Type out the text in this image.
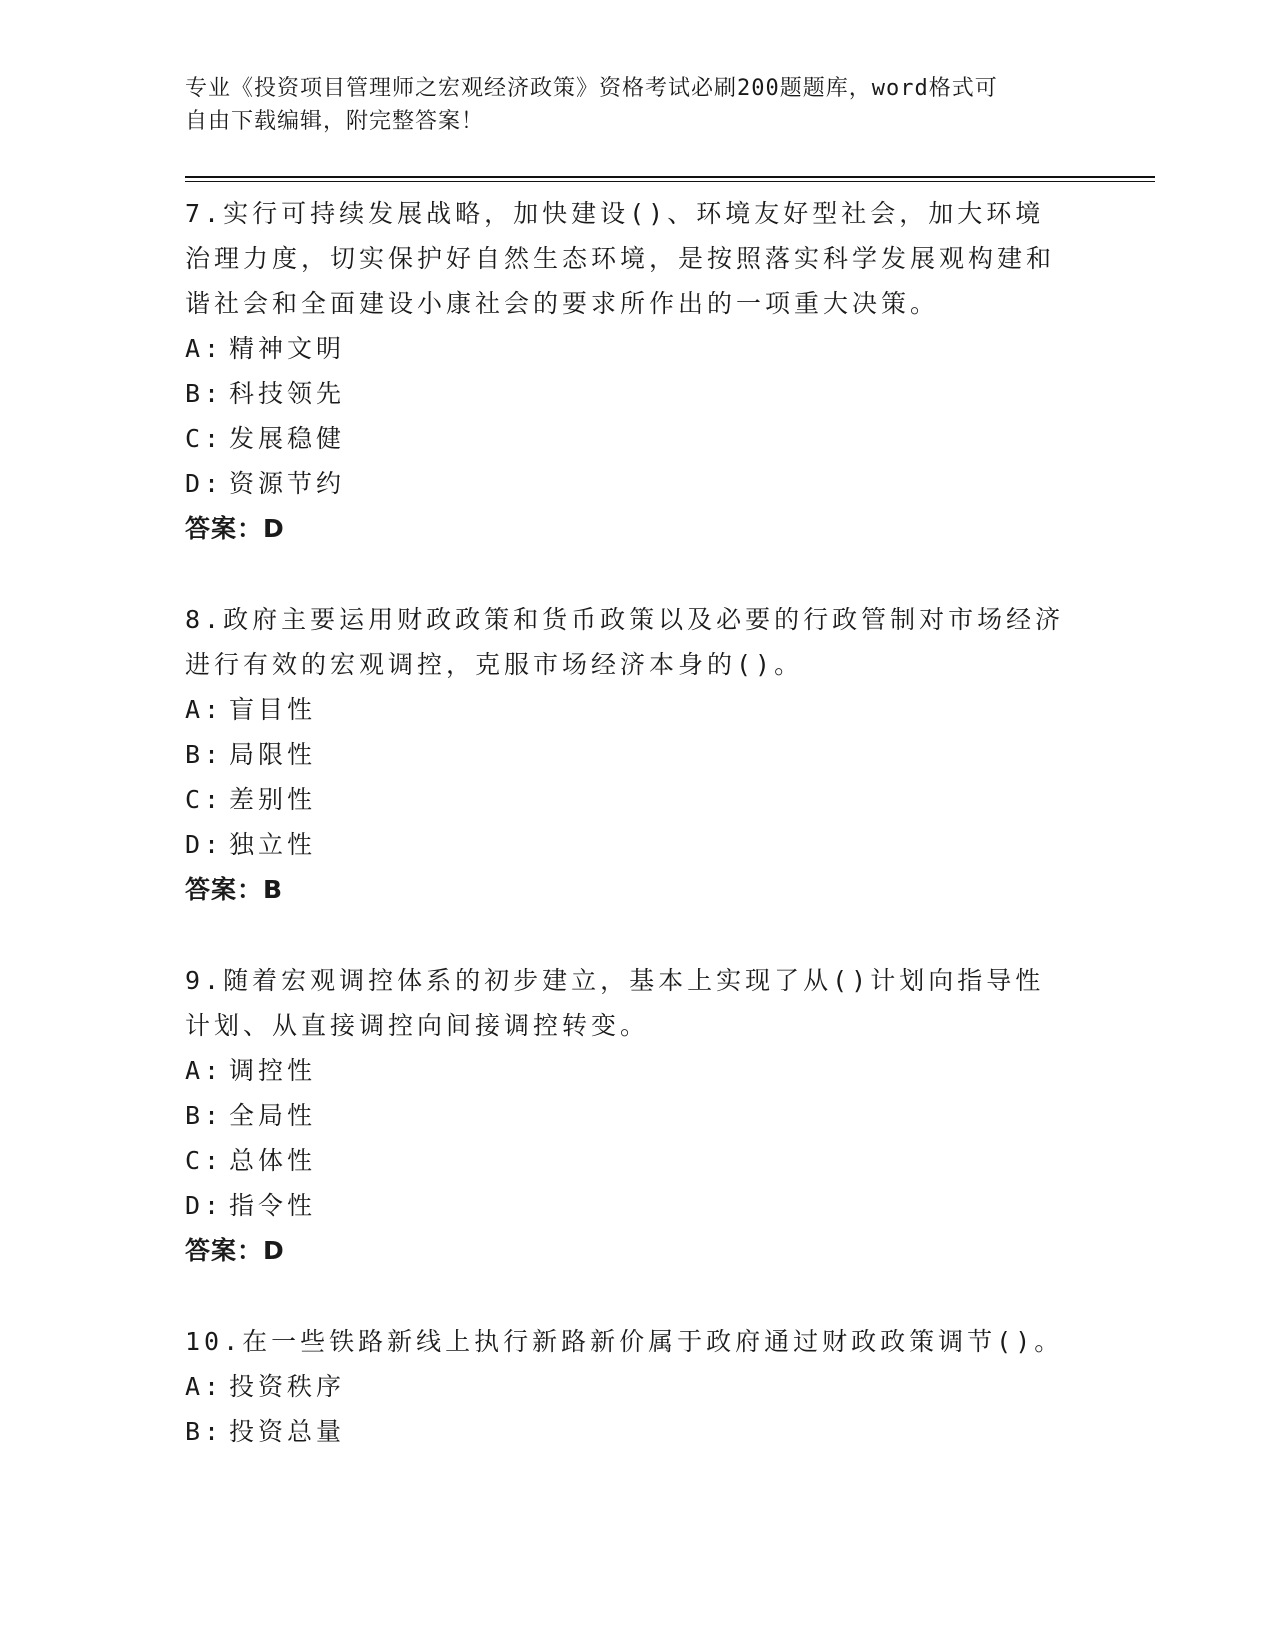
专业《投资项目管理师之宏观经济政策》资格考试必刷200题题库，word格式可
自由下载编辑，附完整答案！
7.实行可持续发展战略，加快建设()、环境友好型社会，加大环境治理力度，切实保护好自然生态环境，是按照落实科学发展观构建和谐社会和全面建设小康社会的要求所作出的一项重大决策。
A: 精神文明
B: 科技领先
C: 发展稳健
D: 资源节约
答案：D
8.政府主要运用财政政策和货币政策以及必要的行政管制对市场经济进行有效的宏观调控，克服市场经济本身的()。
A: 盲目性
B: 局限性
C: 差别性
D: 独立性
答案：B
9.随着宏观调控体系的初步建立，基本上实现了从()计划向指导性计划、从直接调控向间接调控转变。
A: 调控性
B: 全局性
C: 总体性
D: 指令性
答案：D
10.在一些铁路新线上执行新路新价属于政府通过财政政策调节()。
A: 投资秩序
B: 投资总量
